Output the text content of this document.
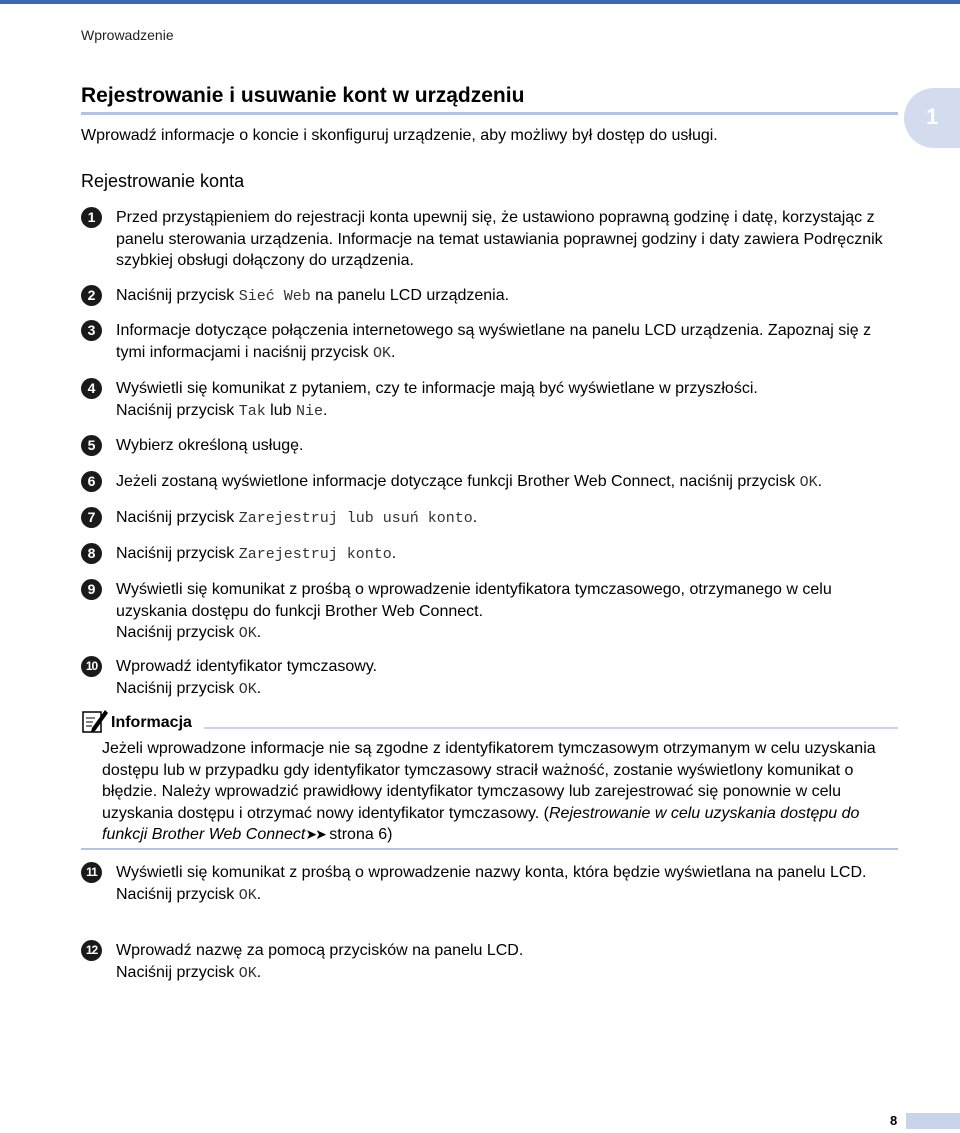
Wprowadzenie
Rejestrowanie i usuwanie kont w urządzeniu
1
Wprowadź informacje o koncie i skonfiguruj urządzenie, aby możliwy był dostęp do usługi.
Rejestrowanie konta
1	Przed przystąpieniem do rejestracji konta upewnij się, że ustawiono poprawną godzinę i datę, korzystając z panelu sterowania urządzenia. Informacje na temat ustawiania poprawnej godziny i daty zawiera Podręcznik szybkiej obsługi dołączony do urządzenia.
2	Naciśnij przycisk Sieć Web na panelu LCD urządzenia.
3	Informacje dotyczące połączenia internetowego są wyświetlane na panelu LCD urządzenia. Zapoznaj się z tymi informacjami i naciśnij przycisk OK.
4	Wyświetli się komunikat z pytaniem, czy te informacje mają być wyświetlane w przyszłości.
Naciśnij przycisk Tak lub Nie.
5	Wybierz określoną usługę.
6	Jeżeli zostaną wyświetlone informacje dotyczące funkcji Brother Web Connect, naciśnij przycisk OK.
7	Naciśnij przycisk Zarejestruj lub usuń konto.
8	Naciśnij przycisk Zarejestruj konto.
9	Wyświetli się komunikat z prośbą o wprowadzenie identyfikatora tymczasowego, otrzymanego w celu uzyskania dostępu do funkcji Brother Web Connect.
Naciśnij przycisk OK.
10	Wprowadź identyfikator tymczasowy.
Naciśnij przycisk OK.
Informacja
Jeżeli wprowadzone informacje nie są zgodne z identyfikatorem tymczasowym otrzymanym w celu uzyskania dostępu lub w przypadku gdy identyfikator tymczasowy stracił ważność, zostanie wyświetlony komunikat o błędzie. Należy wprowadzić prawidłowy identyfikator tymczasowy lub zarejestrować się ponownie w celu uzyskania dostępu i otrzymać nowy identyfikator tymczasowy. (Rejestrowanie w celu uzyskania dostępu do funkcji Brother Web Connect➤➤ strona 6)
11	Wyświetli się komunikat z prośbą o wprowadzenie nazwy konta, która będzie wyświetlana na panelu LCD.
Naciśnij przycisk OK.
12	Wprowadź nazwę za pomocą przycisków na panelu LCD.
Naciśnij przycisk OK.
8
